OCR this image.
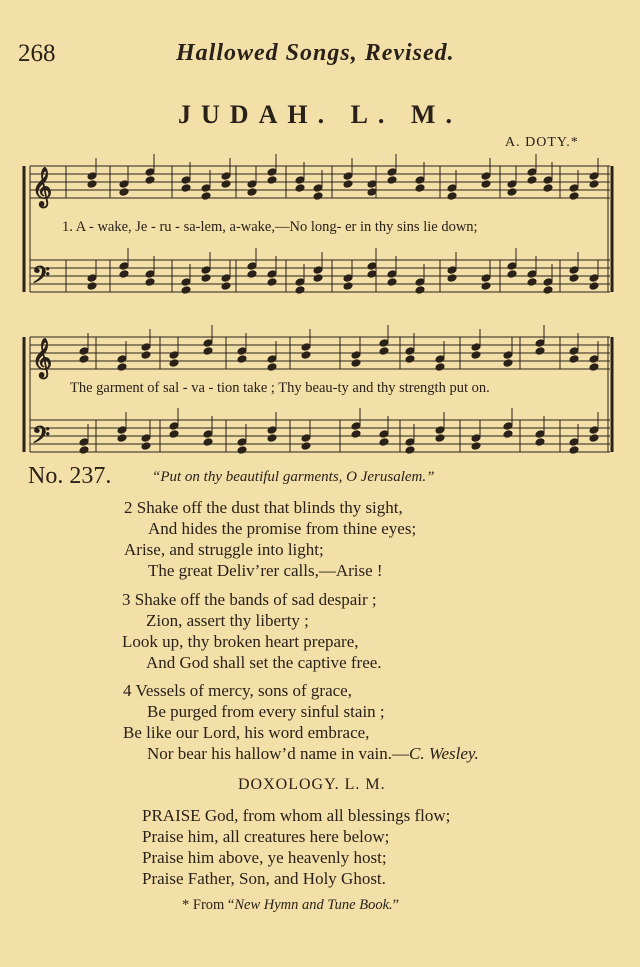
268	Hallowed Songs, Revised.
JUDAH. L. M.
A. DOTY.*
𝄞
𝄢
𝄞
𝄢
1. A - wake, Je - ru - sa-lem, a-wake,—No long- er in thy sins lie down;
The garment of sal - va - tion take ; Thy beau-ty and thy strength put on.
No. 237.	“Put on thy beautiful garments, O Jerusalem.”
2 Shake off the dust that blinds thy sight,
And hides the promise from thine eyes;
Arise, and struggle into light;
The great Deliv’rer calls,—Arise !
3 Shake off the bands of sad despair ;
Zion, assert thy liberty ;
Look up, thy broken heart prepare,
And God shall set the captive free.
4 Vessels of mercy, sons of grace,
Be purged from every sinful stain ;
Be like our Lord, his word embrace,
Nor bear his hallow’d name in vain.—C. Wesley.
DOXOLOGY. L. M.
PRAISE God, from whom all blessings flow;
Praise him, all creatures here below;
Praise him above, ye heavenly host;
Praise Father, Son, and Holy Ghost.
* From “New Hymn and Tune Book.”
